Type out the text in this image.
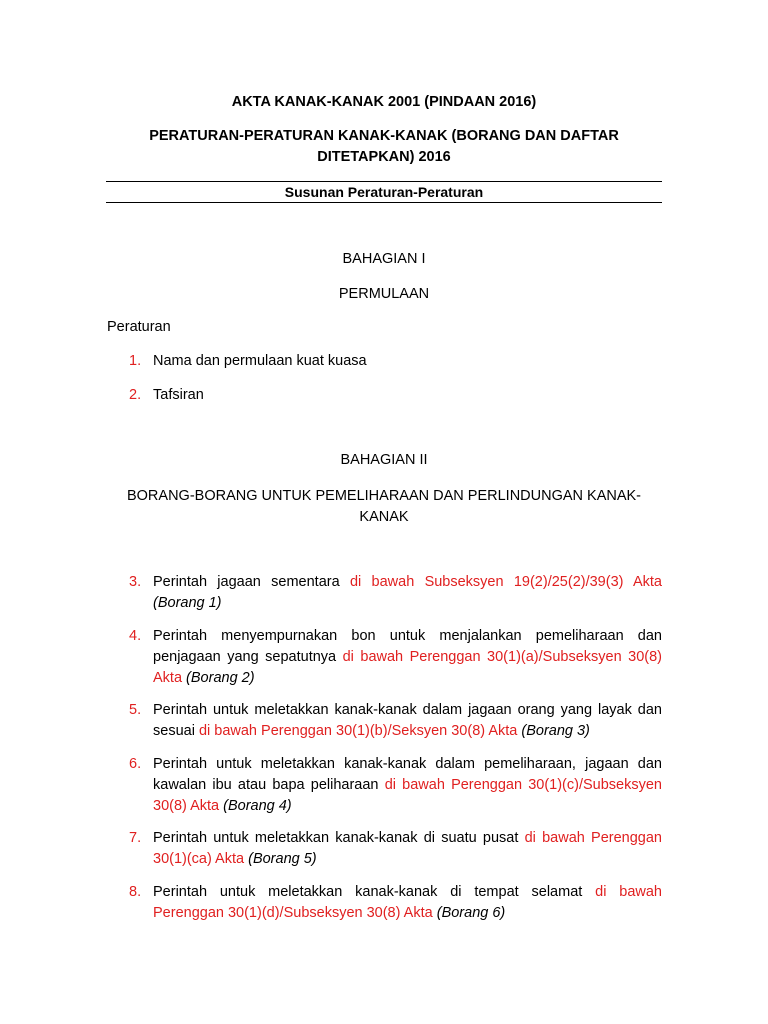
AKTA KANAK-KANAK 2001 (PINDAAN 2016)
PERATURAN-PERATURAN KANAK-KANAK (BORANG DAN DAFTAR DITETAPKAN) 2016
Susunan Peraturan-Peraturan
BAHAGIAN I
PERMULAAN
Peraturan
1. Nama dan permulaan kuat kuasa
2. Tafsiran
BAHAGIAN II
BORANG-BORANG UNTUK PEMELIHARAAN DAN PERLINDUNGAN KANAK-KANAK
3. Perintah jagaan sementara di bawah Subseksyen 19(2)/25(2)/39(3) Akta (Borang 1)
4. Perintah menyempurnakan bon untuk menjalankan pemeliharaan dan penjagaan yang sepatutnya di bawah Perenggan 30(1)(a)/Subseksyen 30(8) Akta (Borang 2)
5. Perintah untuk meletakkan kanak-kanak dalam jagaan orang yang layak dan sesuai di bawah Perenggan 30(1)(b)/Seksyen 30(8) Akta (Borang 3)
6. Perintah untuk meletakkan kanak-kanak dalam pemeliharaan, jagaan dan kawalan ibu atau bapa peliharaan di bawah Perenggan 30(1)(c)/Subseksyen 30(8) Akta (Borang 4)
7. Perintah untuk meletakkan kanak-kanak di suatu pusat di bawah Perenggan 30(1)(ca) Akta (Borang 5)
8. Perintah untuk meletakkan kanak-kanak di tempat selamat di bawah Perenggan 30(1)(d)/Subseksyen 30(8) Akta (Borang 6)
